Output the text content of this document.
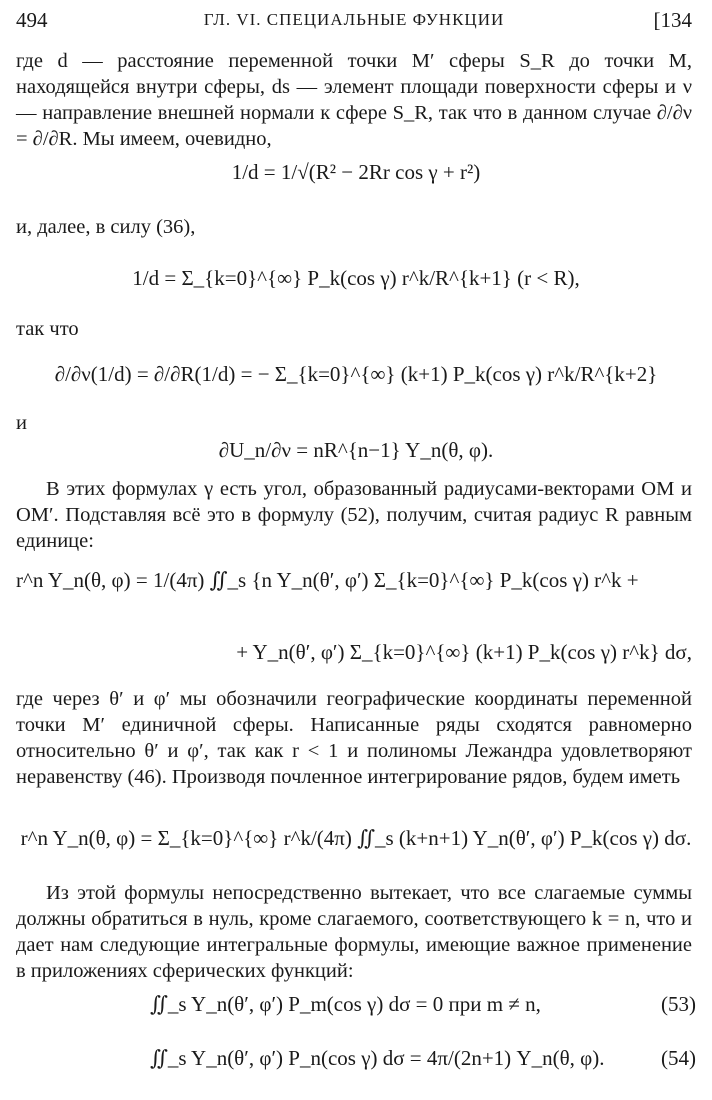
494	ГЛ. VI. СПЕЦИАЛЬНЫЕ ФУНКЦИИ	[134

где d — расстояние переменной точки M′ сферы S_R до точки M, находящейся внутри сферы, ds — элемент площади поверхности сферы и ν — направление внешней нормали к сфере S_R, так что в данном случае ∂/∂ν = ∂/∂R. Мы имеем, очевидно,

1/d = 1/√(R² − 2Rr cos γ + r²)

и, далее, в силу (36),

1/d = Σ_{k=0}^{∞} P_k(cos γ) r^k/R^{k+1} (r < R),

так что

∂/∂ν(1/d) = ∂/∂R(1/d) = − Σ_{k=0}^{∞} (k+1) P_k(cos γ) r^k/R^{k+2}

и

∂U_n/∂ν = nR^{n−1} Y_n(θ, φ).

В этих формулах γ есть угол, образованный радиусами-векторами OM и OM′. Подставляя всё это в формулу (52), получим, считая радиус R равным единице:

r^n Y_n(θ, φ) = 1/(4π) ∬_s {n Y_n(θ′, φ′) Σ_{k=0}^{∞} P_k(cos γ) r^k +
+ Y_n(θ′, φ′) Σ_{k=0}^{∞} (k+1) P_k(cos γ) r^k} dσ,

где через θ′ и φ′ мы обозначили географические координаты переменной точки M′ единичной сферы. Написанные ряды сходятся равномерно относительно θ′ и φ′, так как r < 1 и полиномы Лежандра удовлетворяют неравенству (46). Производя почленное интегрирование рядов, будем иметь

r^n Y_n(θ, φ) = Σ_{k=0}^{∞} r^k/(4π) ∬_s (k+n+1) Y_n(θ′, φ′) P_k(cos γ) dσ.

Из этой формулы непосредственно вытекает, что все слагаемые суммы должны обратиться в нуль, кроме слагаемого, соответствующего k = n, что и дает нам следующие интегральные формулы, имеющие важное применение в приложениях сферических функций:

∬_s Y_n(θ′, φ′) P_m(cos γ) dσ = 0 при m ≠ n,	(53)
∬_s Y_n(θ′, φ′) P_n(cos γ) dσ = 4π/(2n+1) Y_n(θ, φ).	(54)
